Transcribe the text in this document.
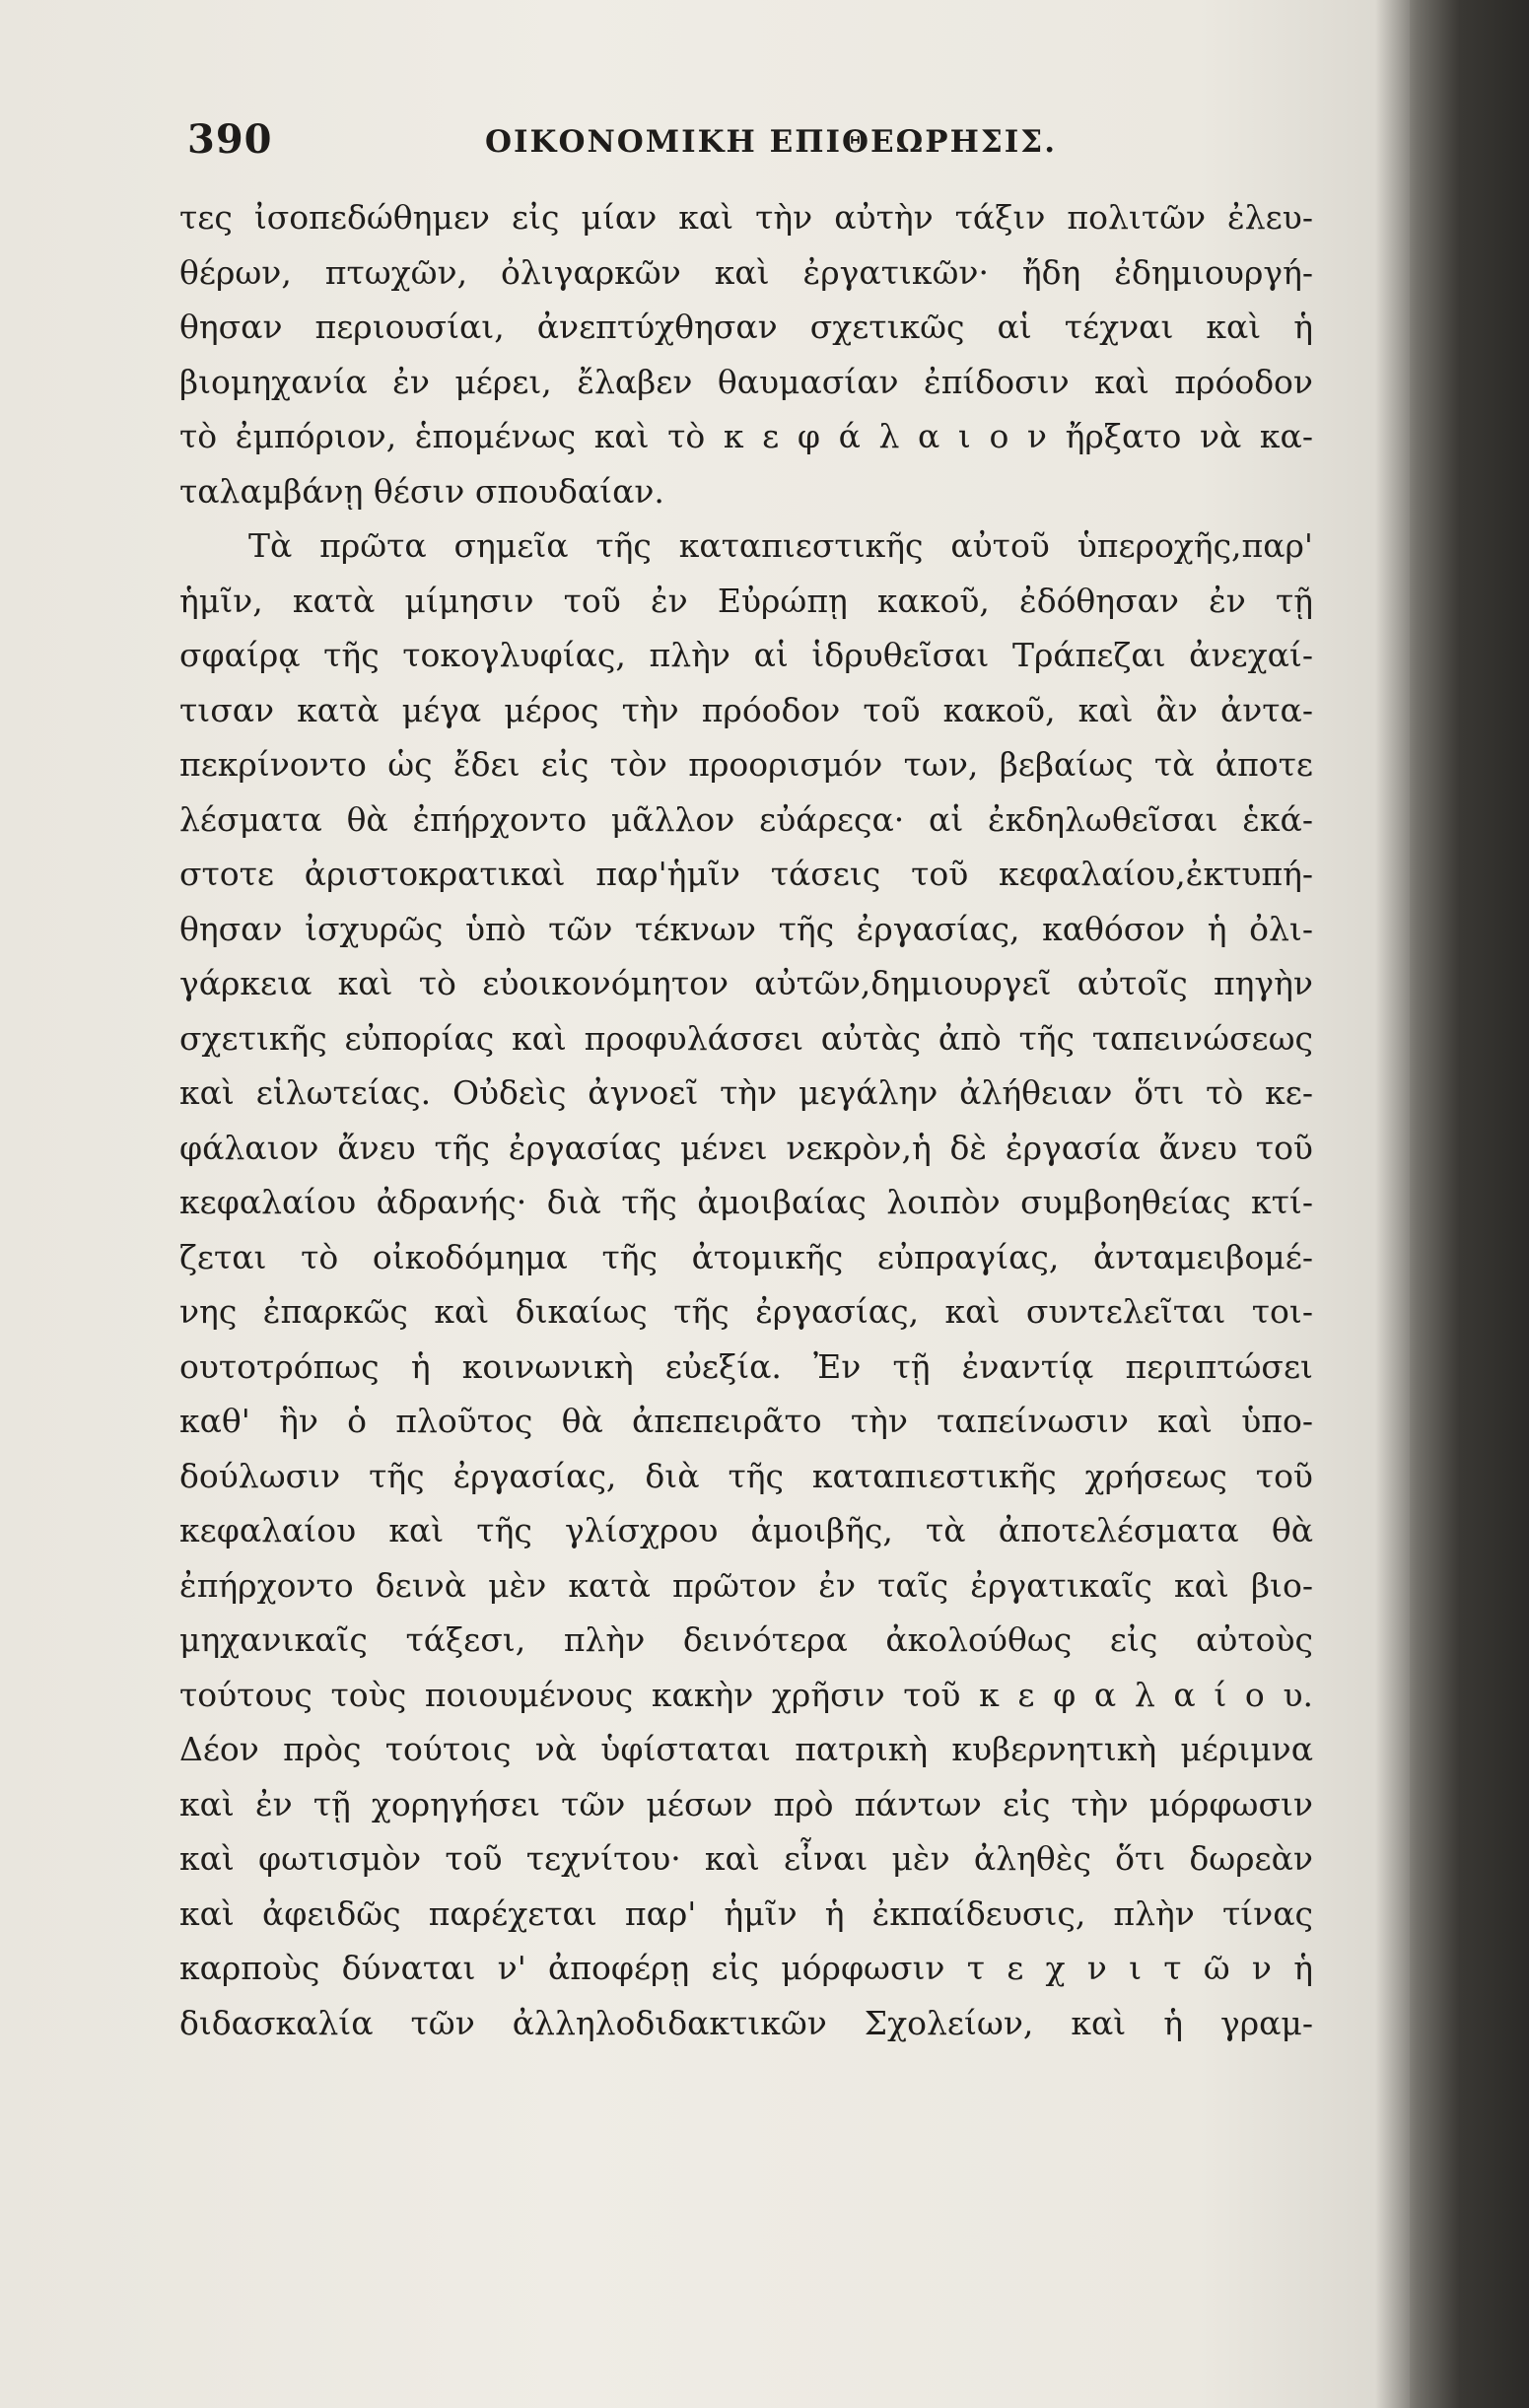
390	ΟΙΚΟΝΟΜΙΚΗ ΕΠΙΘΕΩΡΗΣΙΣ.
τες ἰσοπεδώθημεν εἰς μίαν καὶ τὴν αὐτὴν τάξιν πολιτῶν ἐλευ-
θέρων, πτωχῶν, ὀλιγαρκῶν καὶ ἐργατικῶν· ἤδη ἐδημιουργή-
θησαν περιουσίαι, ἀνεπτύχθησαν σχετικῶς αἱ τέχναι καὶ ἡ
βιομηχανία ἐν μέρει, ἔλαβεν θαυμασίαν ἐπίδοσιν καὶ πρόοδον
τὸ ἐμπόριον, ἑπομένως καὶ τὸ κ ε φ ά λ α ι ο ν ἤρξατο νὰ κα-
ταλαμβάνῃ θέσιν σπουδαίαν.
Τὰ πρῶτα σημεῖα τῆς καταπιεστικῆς αὐτοῦ ὑπεροχῆς,παρ'
ἡμῖν, κατὰ μίμησιν τοῦ ἐν Εὐρώπῃ κακοῦ, ἐδόθησαν ἐν τῇ
σφαίρᾳ τῆς τοκογλυφίας, πλὴν αἱ ἱδρυθεῖσαι Τράπεζαι ἀνεχαί-
τισαν κατὰ μέγα μέρος τὴν πρόοδον τοῦ κακοῦ, καὶ ἂν ἀντα-
πεκρίνοντο ὡς ἔδει εἰς τὸν προορισμόν των, βεβαίως τὰ ἀποτε
λέσματα θὰ ἐπήρχοντο μᾶλλον εὐάρεςα· αἱ ἐκδηλωθεῖσαι ἑκά-
στοτε ἀριστοκρατικαὶ παρ'ἡμῖν τάσεις τοῦ κεφαλαίου,ἐκτυπή-
θησαν ἰσχυρῶς ὑπὸ τῶν τέκνων τῆς ἐργασίας, καθόσον ἡ ὀλι-
γάρκεια καὶ τὸ εὐοικονόμητον αὐτῶν,δημιουργεῖ αὐτοῖς πηγὴν
σχετικῆς εὐπορίας καὶ προφυλάσσει αὐτὰς ἀπὸ τῆς ταπεινώσεως
καὶ εἱλωτείας. Οὐδεὶς ἀγνοεῖ τὴν μεγάλην ἀλήθειαν ὅτι τὸ κε-
φάλαιον ἄνευ τῆς ἐργασίας μένει νεκρὸν,ἡ δὲ ἐργασία ἄνευ τοῦ
κεφαλαίου ἀδρανής· διὰ τῆς ἀμοιβαίας λοιπὸν συμβοηθείας κτί-
ζεται τὸ οἰκοδόμημα τῆς ἀτομικῆς εὐπραγίας, ἀνταμειβομέ-
νης ἐπαρκῶς καὶ δικαίως τῆς ἐργασίας, καὶ συντελεῖται τοι-
ουτοτρόπως ἡ κοινωνικὴ εὐεξία. Ἐν τῇ ἐναντίᾳ περιπτώσει
καθ' ἣν ὁ πλοῦτος θὰ ἀπεπειρᾶτο τὴν ταπείνωσιν καὶ ὑπο-
δούλωσιν τῆς ἐργασίας, διὰ τῆς καταπιεστικῆς χρήσεως τοῦ
κεφαλαίου καὶ τῆς γλίσχρου ἀμοιβῆς, τὰ ἀποτελέσματα θὰ
ἐπήρχοντο δεινὰ μὲν κατὰ πρῶτον ἐν ταῖς ἐργατικαῖς καὶ βιο-
μηχανικαῖς τάξεσι, πλὴν δεινότερα ἀκολούθως εἰς αὐτοὺς
τούτους τοὺς ποιουμένους κακὴν χρῆσιν τοῦ κ ε φ α λ α ί ο υ.
Δέον πρὸς τούτοις νὰ ὑφίσταται πατρικὴ κυβερνητικὴ μέριμνα
καὶ ἐν τῇ χορηγήσει τῶν μέσων πρὸ πάντων εἰς τὴν μόρφωσιν
καὶ φωτισμὸν τοῦ τεχνίτου· καὶ εἶναι μὲν ἀληθὲς ὅτι δωρεὰν
καὶ ἀφειδῶς παρέχεται παρ' ἡμῖν ἡ ἐκπαίδευσις, πλὴν τίνας
καρποὺς δύναται ν' ἀποφέρῃ εἰς μόρφωσιν τ ε χ ν ι τ ῶ ν ἡ
διδασκαλία τῶν ἀλληλοδιδακτικῶν Σχολείων, καὶ ἡ γραμ-
